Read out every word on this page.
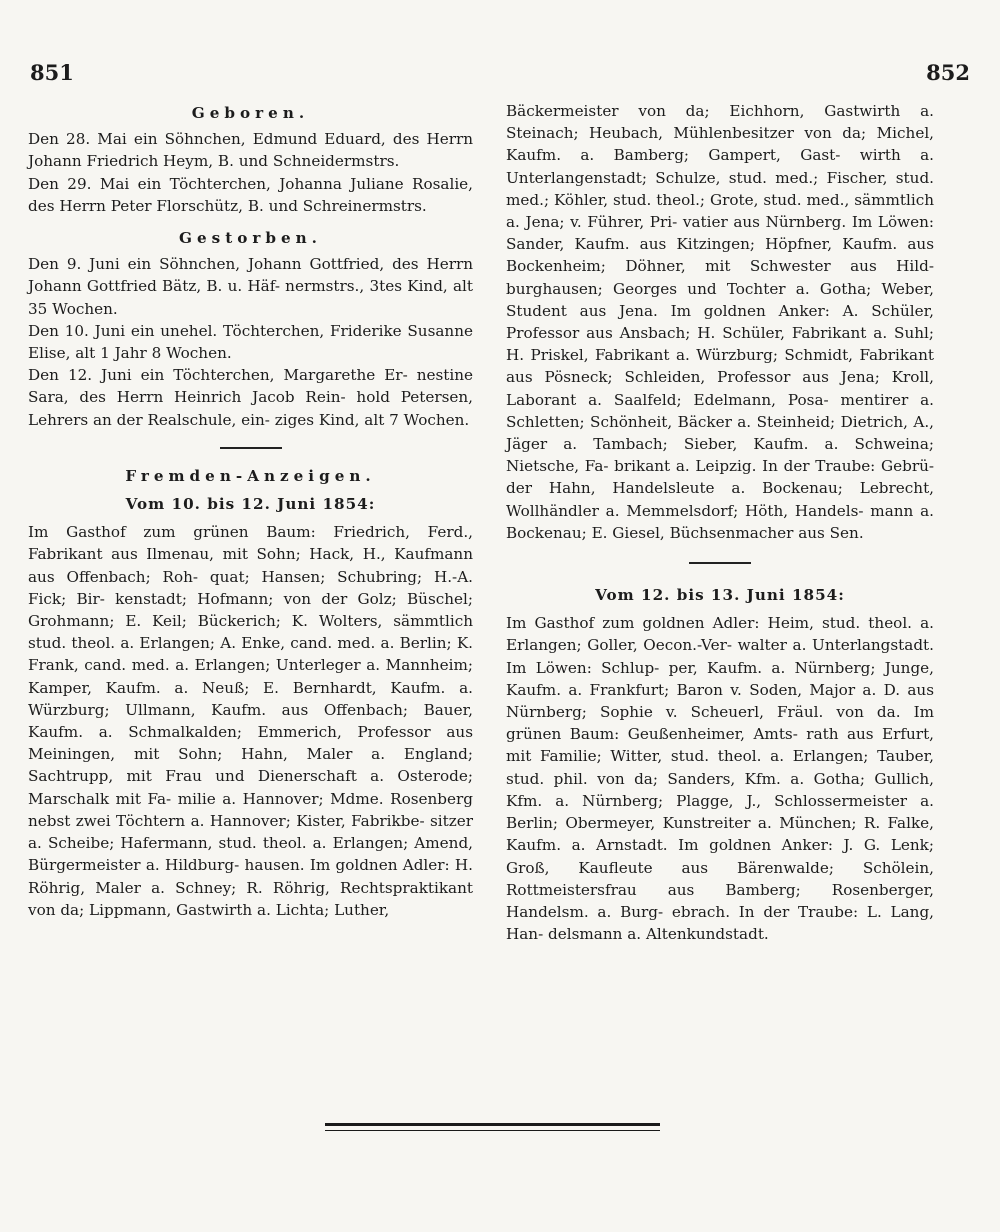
851	852
Geboren.

Den 28. Mai ein Söhnchen, Edmund Eduard, des Herrn Johann Friedrich Heym, B. und Schneidermstrs.

Den 29. Mai ein Töchterchen, Johanna Juliane Rosalie, des Herrn Peter Florschütz, B. und Schreinermstrs.

Gestorben.

Den 9. Juni ein Söhnchen, Johann Gottfried, des Herrn Johann Gottfried Bätz, B. u. Häf- nermstrs., 3tes Kind, alt 35 Wochen.

Den 10. Juni ein unehel. Töchterchen, Friderike Susanne Elise, alt 1 Jahr 8 Wochen.

Den 12. Juni ein Töchterchen, Margarethe Er- nestine Sara, des Herrn Heinrich Jacob Rein- hold Petersen, Lehrers an der Realschule, ein- ziges Kind, alt 7 Wochen.

Fremden-Anzeigen.
Vom 10. bis 12. Juni 1854:

Im Gasthof zum grünen Baum: Friedrich, Ferd., Fabrikant aus Ilmenau, mit Sohn; Hack, H., Kaufmann aus Offenbach; Roh- quat; Hansen; Schubring; H.-A. Fick; Bir- kenstadt; Hofmann; von der Golz; Büschel; Grohmann; E. Keil; Bückerich; K. Wolters, sämmtlich stud. theol. a. Erlangen; A. Enke, cand. med. a. Berlin; K. Frank, cand. med. a. Erlangen; Unterleger a. Mannheim; Kamper, Kaufm. a. Neuß; E. Bernhardt, Kaufm. a. Würzburg; Ullmann, Kaufm. aus Offenbach; Bauer, Kaufm. a. Schmalkalden; Emmerich, Professor aus Meiningen, mit Sohn; Hahn, Maler a. England; Sachtrupp, mit Frau und Dienerschaft a. Osterode; Marschalk mit Fa- milie a. Hannover; Mdme. Rosenberg nebst zwei Töchtern a. Hannover; Kister, Fabrikbe- sitzer a. Scheibe; Hafermann, stud. theol. a. Erlangen; Amend, Bürgermeister a. Hildburg- hausen. Im goldnen Adler: H. Röhrig, Maler a. Schney; R. Röhrig, Rechtspraktikant von da; Lippmann, Gastwirth a. Lichta; Luther,

Bäckermeister von da; Eichhorn, Gastwirth a. Steinach; Heubach, Mühlenbesitzer von da; Michel, Kaufm. a. Bamberg; Gampert, Gast- wirth a. Unterlangenstadt; Schulze, stud. med.; Fischer, stud. med.; Köhler, stud. theol.; Grote, stud. med., sämmtlich a. Jena; v. Führer, Pri- vatier aus Nürnberg. Im Löwen: Sander, Kaufm. aus Kitzingen; Höpfner, Kaufm. aus Bockenheim; Döhner, mit Schwester aus Hild- burghausen; Georges und Tochter a. Gotha; Weber, Student aus Jena. Im goldnen Anker: A. Schüler, Professor aus Ansbach; H. Schüler, Fabrikant a. Suhl; H. Priskel, Fabrikant a. Würzburg; Schmidt, Fabrikant aus Pösneck; Schleiden, Professor aus Jena; Kroll, Laborant a. Saalfeld; Edelmann, Posa- mentirer a. Schletten; Schönheit, Bäcker a. Steinheid; Dietrich, A., Jäger a. Tambach; Sieber, Kaufm. a. Schweina; Nietsche, Fa- brikant a. Leipzig. In der Traube: Gebrü- der Hahn, Handelsleute a. Bockenau; Lebrecht, Wollhändler a. Memmelsdorf; Höth, Handels- mann a. Bockenau; E. Giesel, Büchsenmacher aus Sen.

Vom 12. bis 13. Juni 1854:

Im Gasthof zum goldnen Adler: Heim, stud. theol. a. Erlangen; Goller, Oecon.-Ver- walter a. Unterlangstadt. Im Löwen: Schlup- per, Kaufm. a. Nürnberg; Junge, Kaufm. a. Frankfurt; Baron v. Soden, Major a. D. aus Nürnberg; Sophie v. Scheuerl, Fräul. von da. Im grünen Baum: Geußenheimer, Amts- rath aus Erfurt, mit Familie; Witter, stud. theol. a. Erlangen; Tauber, stud. phil. von da; Sanders, Kfm. a. Gotha; Gullich, Kfm. a. Nürnberg; Plagge, J., Schlossermeister a. Berlin; Obermeyer, Kunstreiter a. München; R. Falke, Kaufm. a. Arnstadt. Im goldnen Anker: J. G. Lenk; Groß, Kaufleute aus Bärenwalde; Schölein, Rottmeistersfrau aus Bamberg; Rosenberger, Handelsm. a. Burg- ebrach. In der Traube: L. Lang, Han- delsmann a. Altenkundstadt.
